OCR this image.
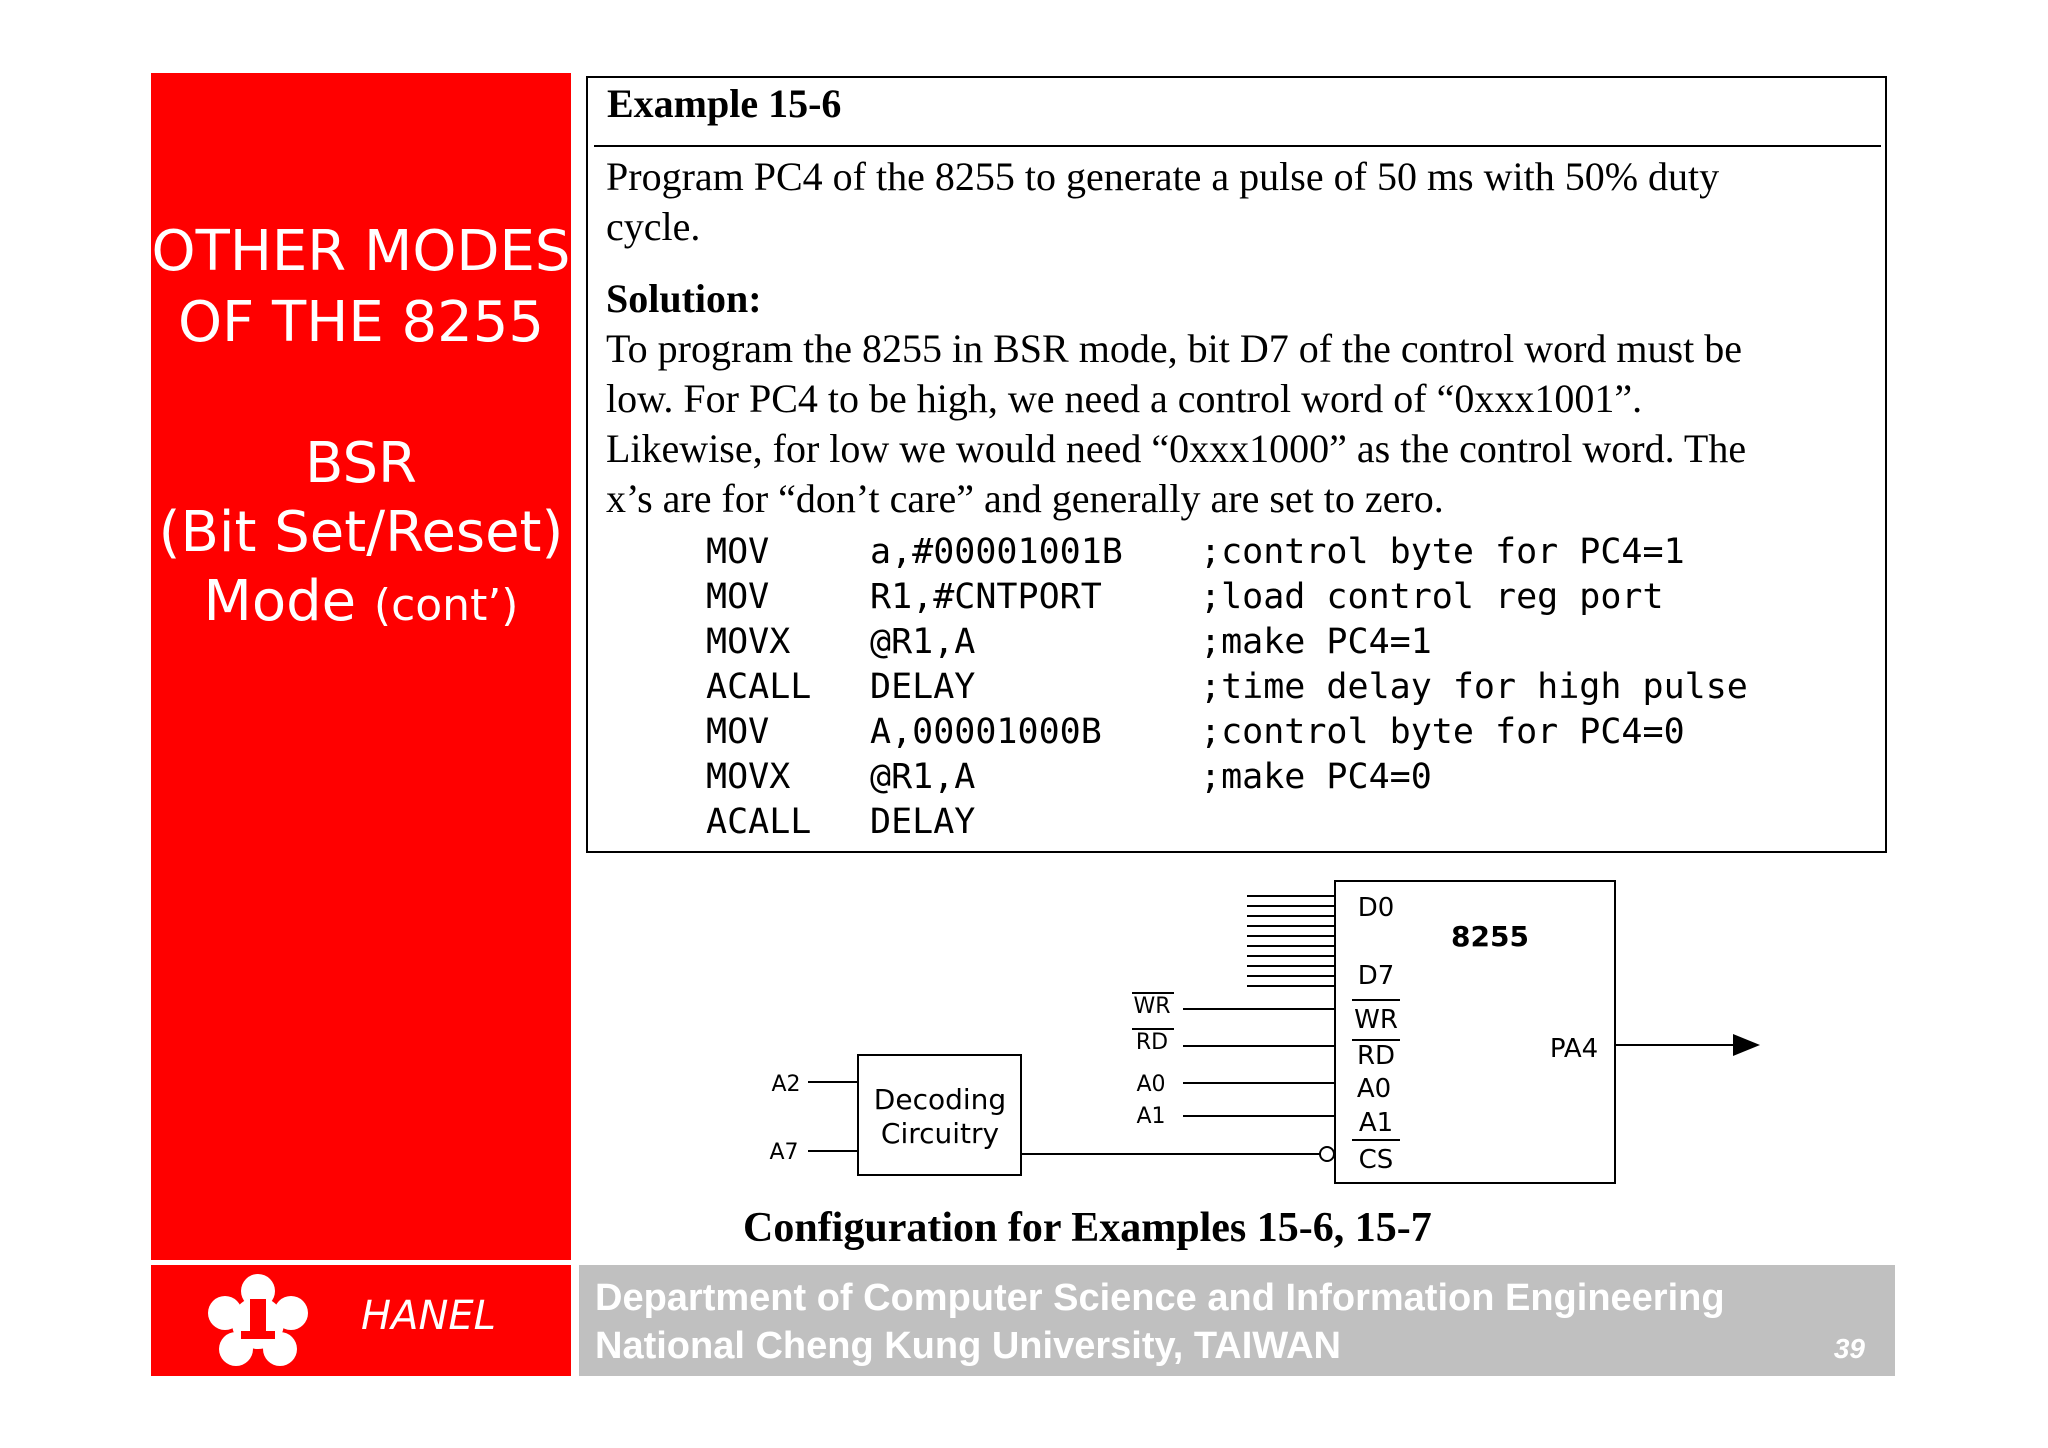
OTHER MODES
OF THE 8255
BSR
(Bit Set/Reset)
Mode (cont’)
Example 15-6
Program PC4 of the 8255 to generate a pulse of 50 ms with 50% duty
cycle.
Solution:
To program the 8255 in BSR mode, bit D7 of the control word must be
low. For PC4 to be high, we need a control word of “0xxx1001”.
Likewise, for low we would need “0xxx1000” as the control word. The
x’s are for “don’t care” and generally are set to zero.

MOV	a,#00001001B ;control byte for PC4=1

MOV	R1,#CNTPORT	;load control reg port

MOVX @R1,A	;make PC4=1

ACALL DELAY	;time delay for high pulse

MOV	A,00001000B	;control byte for PC4=0

MOVX @R1,A	;make PC4=0

ACALL DELAY

8255
D0
D7
WR
RD
A0
A1
CS
PA4
WR
RD
A0
A1
Decoding
Circuitry
A2
A7
Configuration for Examples 15-6, 15-7
HANEL	Department of Computer Science and Information Engineering
National Cheng Kung University, TAIWAN	39
